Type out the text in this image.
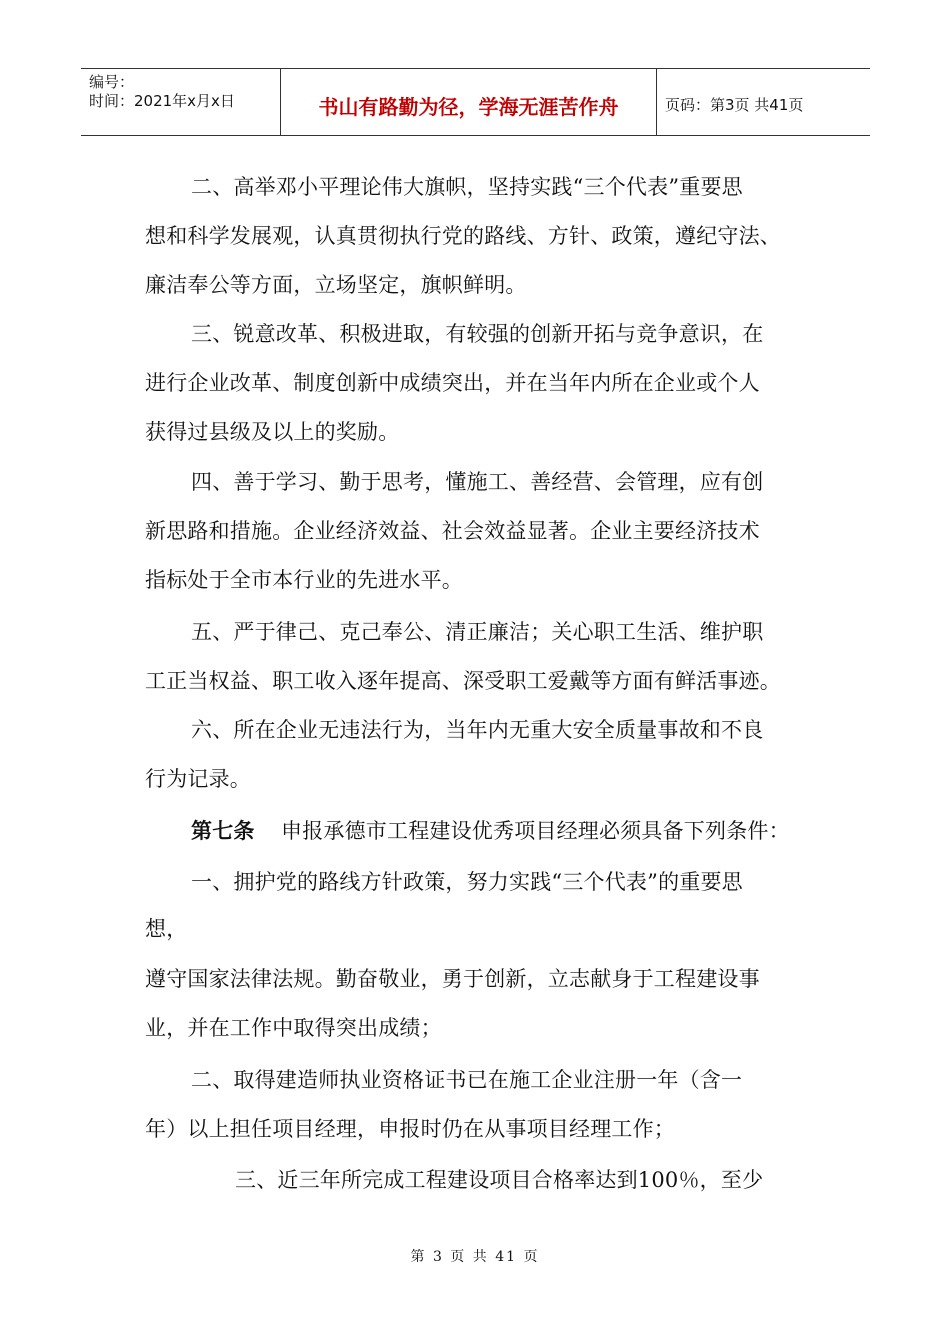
编号：
时间：2021年x月x日	书山有路勤为径，学海无涯苦作舟	页码：第3页 共41页
二、高举邓小平理论伟大旗帜，坚持实践“三个代表”重要思
想和科学发展观，认真贯彻执行党的路线、方针、政策，遵纪守法、
廉洁奉公等方面，立场坚定，旗帜鲜明。
三、锐意改革、积极进取，有较强的创新开拓与竞争意识，在
进行企业改革、制度创新中成绩突出，并在当年内所在企业或个人
获得过县级及以上的奖励。
四、善于学习、勤于思考，懂施工、善经营、会管理，应有创
新思路和措施。企业经济效益、社会效益显著。企业主要经济技术
指标处于全市本行业的先进水平。
五、严于律己、克己奉公、清正廉洁；关心职工生活、维护职
工正当权益、职工收入逐年提高、深受职工爱戴等方面有鲜活事迹。
六、所在企业无违法行为，当年内无重大安全质量事故和不良
行为记录。
第七条 申报承德市工程建设优秀项目经理必须具备下列条件：
一、拥护党的路线方针政策，努力实践“三个代表”的重要思
想，
遵守国家法律法规。勤奋敬业，勇于创新，立志献身于工程建设事
业，并在工作中取得突出成绩；
二、取得建造师执业资格证书已在施工企业注册一年（含一
年）以上担任项目经理，申报时仍在从事项目经理工作；
三、近三年所完成工程建设项目合格率达到100％，至少
第 3 页 共 41 页
